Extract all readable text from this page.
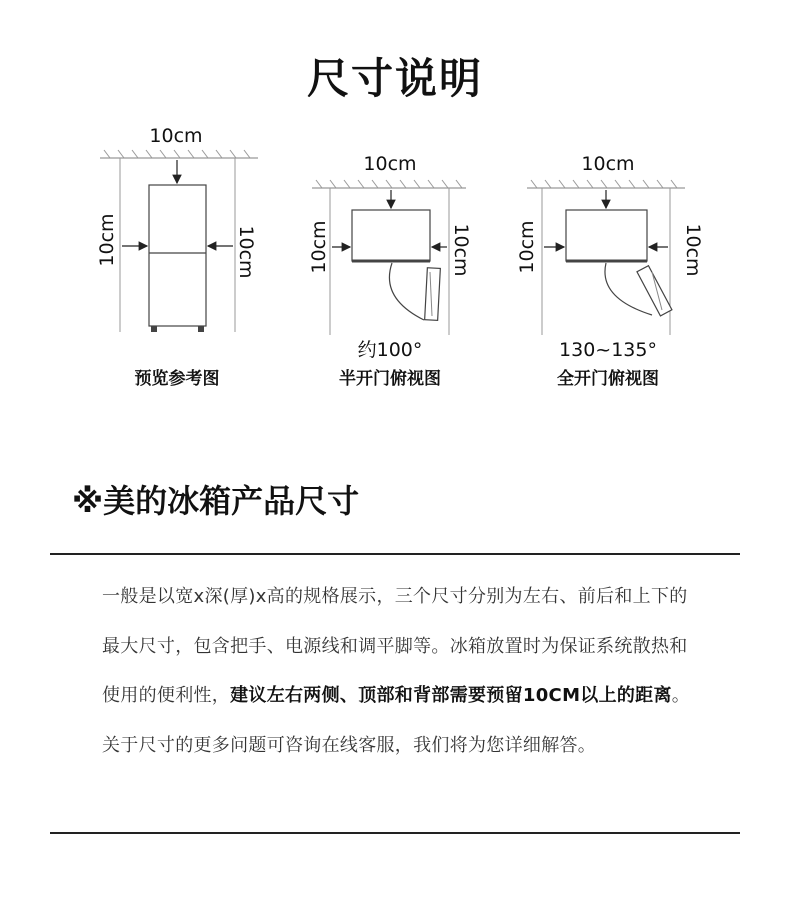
尺寸说明
10cm
10cm	10cm
预览参考图
10cm
10cm	10cm
约100°
半开门俯视图
10cm
10cm	10cm
130~135°
全开门俯视图
※美的冰箱产品尺寸
一般是以宽x深(厚)x高的规格展示，三个尺寸分别为左右、前后和上下的最大尺寸，包含把手、电源线和调平脚等。冰箱放置时为保证系统散热和使用的便利性，建议左右两侧、顶部和背部需要预留10CM以上的距离。关于尺寸的更多问题可咨询在线客服，我们将为您详细解答。
